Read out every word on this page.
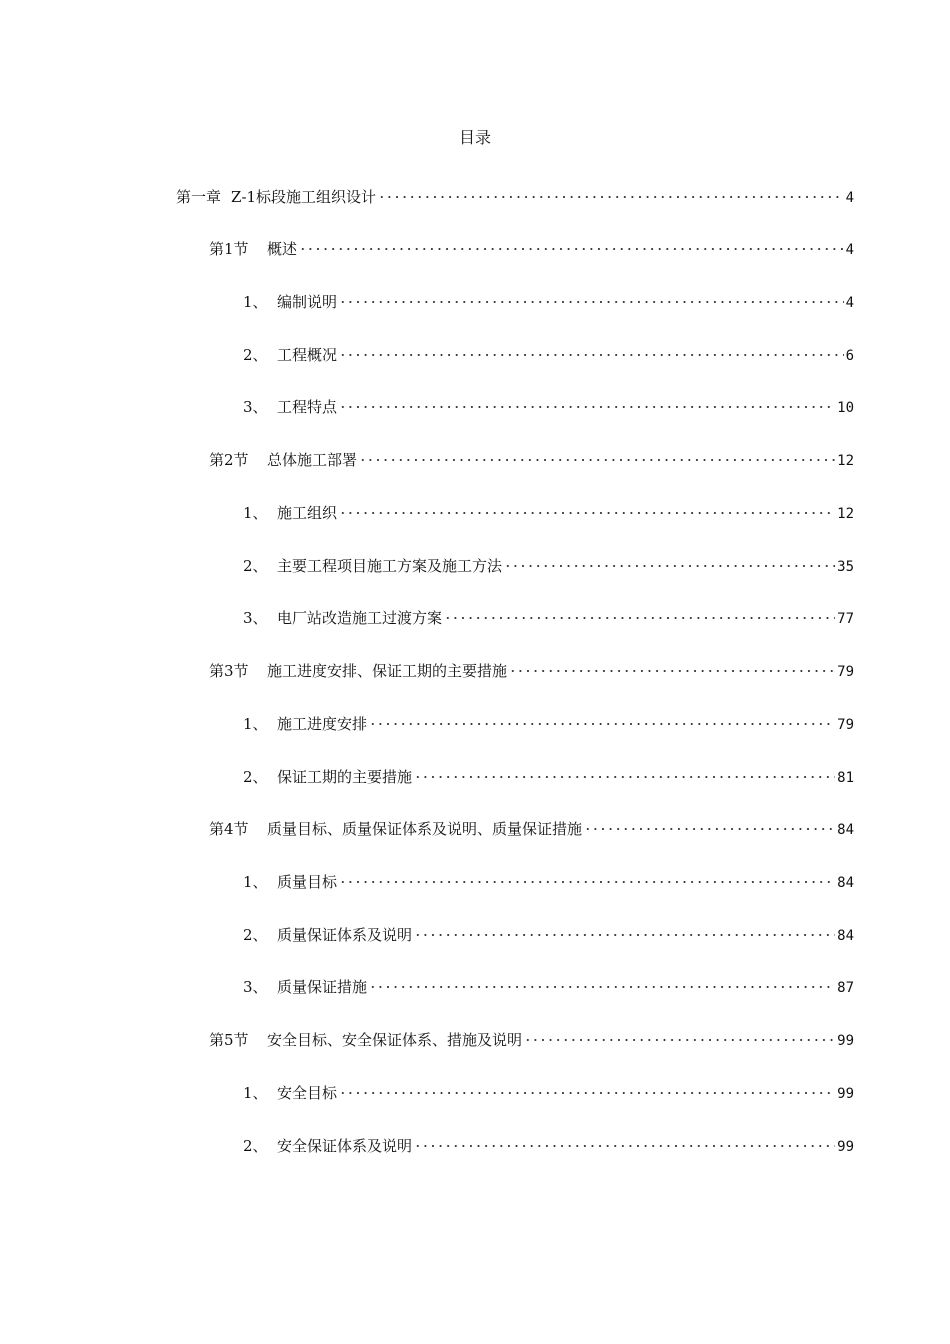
目录
第一章 Z-1标段施工组织设计	4
第1节	概述	4
1、 编制说明	4
2、 工程概况	6
3、 工程特点	10
第2节	总体施工部署	12
1、 施工组织	12
2、 主要工程项目施工方案及施工方法	35
3、 电厂站改造施工过渡方案	77
第3节	施工进度安排、保证工期的主要措施	79
1、 施工进度安排	79
2、 保证工期的主要措施	81
第4节	质量目标、质量保证体系及说明、质量保证措施	84
1、 质量目标	84
2、 质量保证体系及说明	84
3、 质量保证措施	87
第5节	安全目标、安全保证体系、措施及说明	99
1、 安全目标	99
2、 安全保证体系及说明	99
